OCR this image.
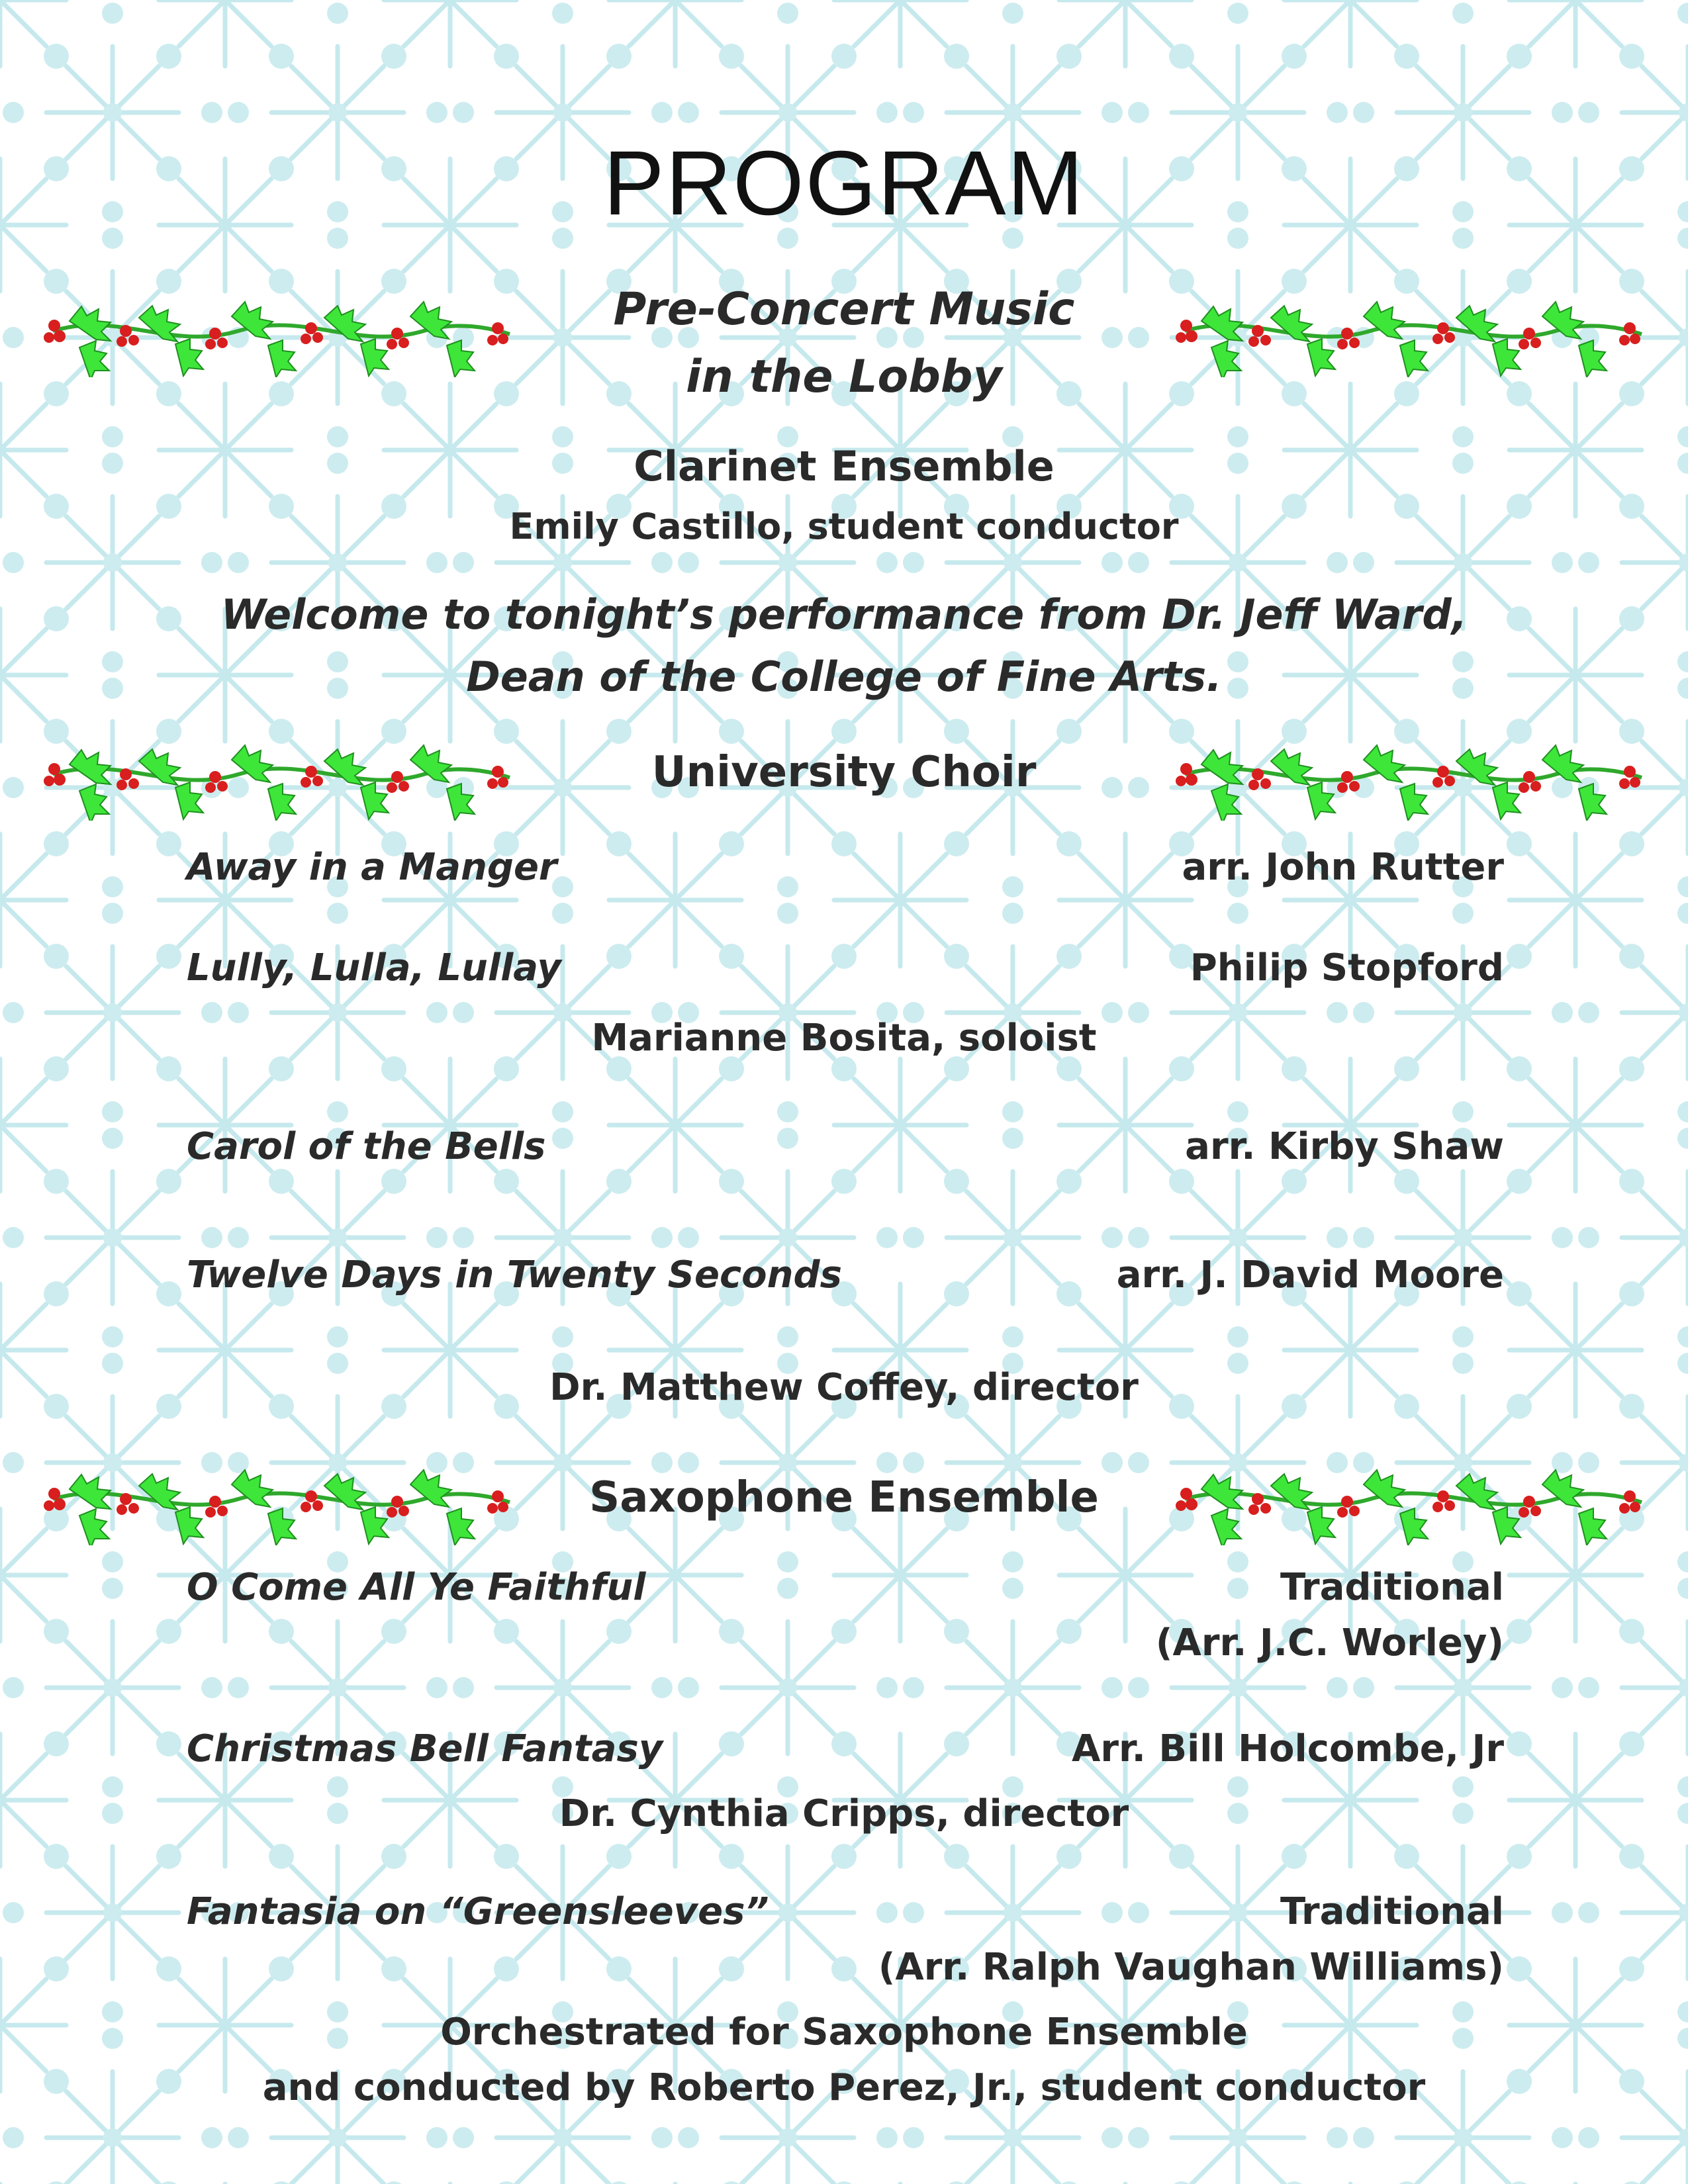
PROGRAM
Pre-Concert Music
in the Lobby
Clarinet Ensemble
Emily Castillo, student conductor
Welcome to tonight’s performance from Dr. Jeff Ward,
Dean of the College of Fine Arts.
University Choir
Away in a Manger	arr. John Rutter
Lully, Lulla, Lullay	Philip Stopford
Marianne Bosita, soloist
Carol of the Bells	arr. Kirby Shaw
Twelve Days in Twenty Seconds	arr. J. David Moore
Dr. Matthew Coffey, director
Saxophone Ensemble
O Come All Ye Faithful	Traditional
(Arr. J.C. Worley)
Christmas Bell Fantasy	Arr. Bill Holcombe, Jr
Dr. Cynthia Cripps, director
Fantasia on “Greensleeves”	Traditional
(Arr. Ralph Vaughan Williams)
Orchestrated for Saxophone Ensemble
and conducted by Roberto Perez, Jr., student conductor
